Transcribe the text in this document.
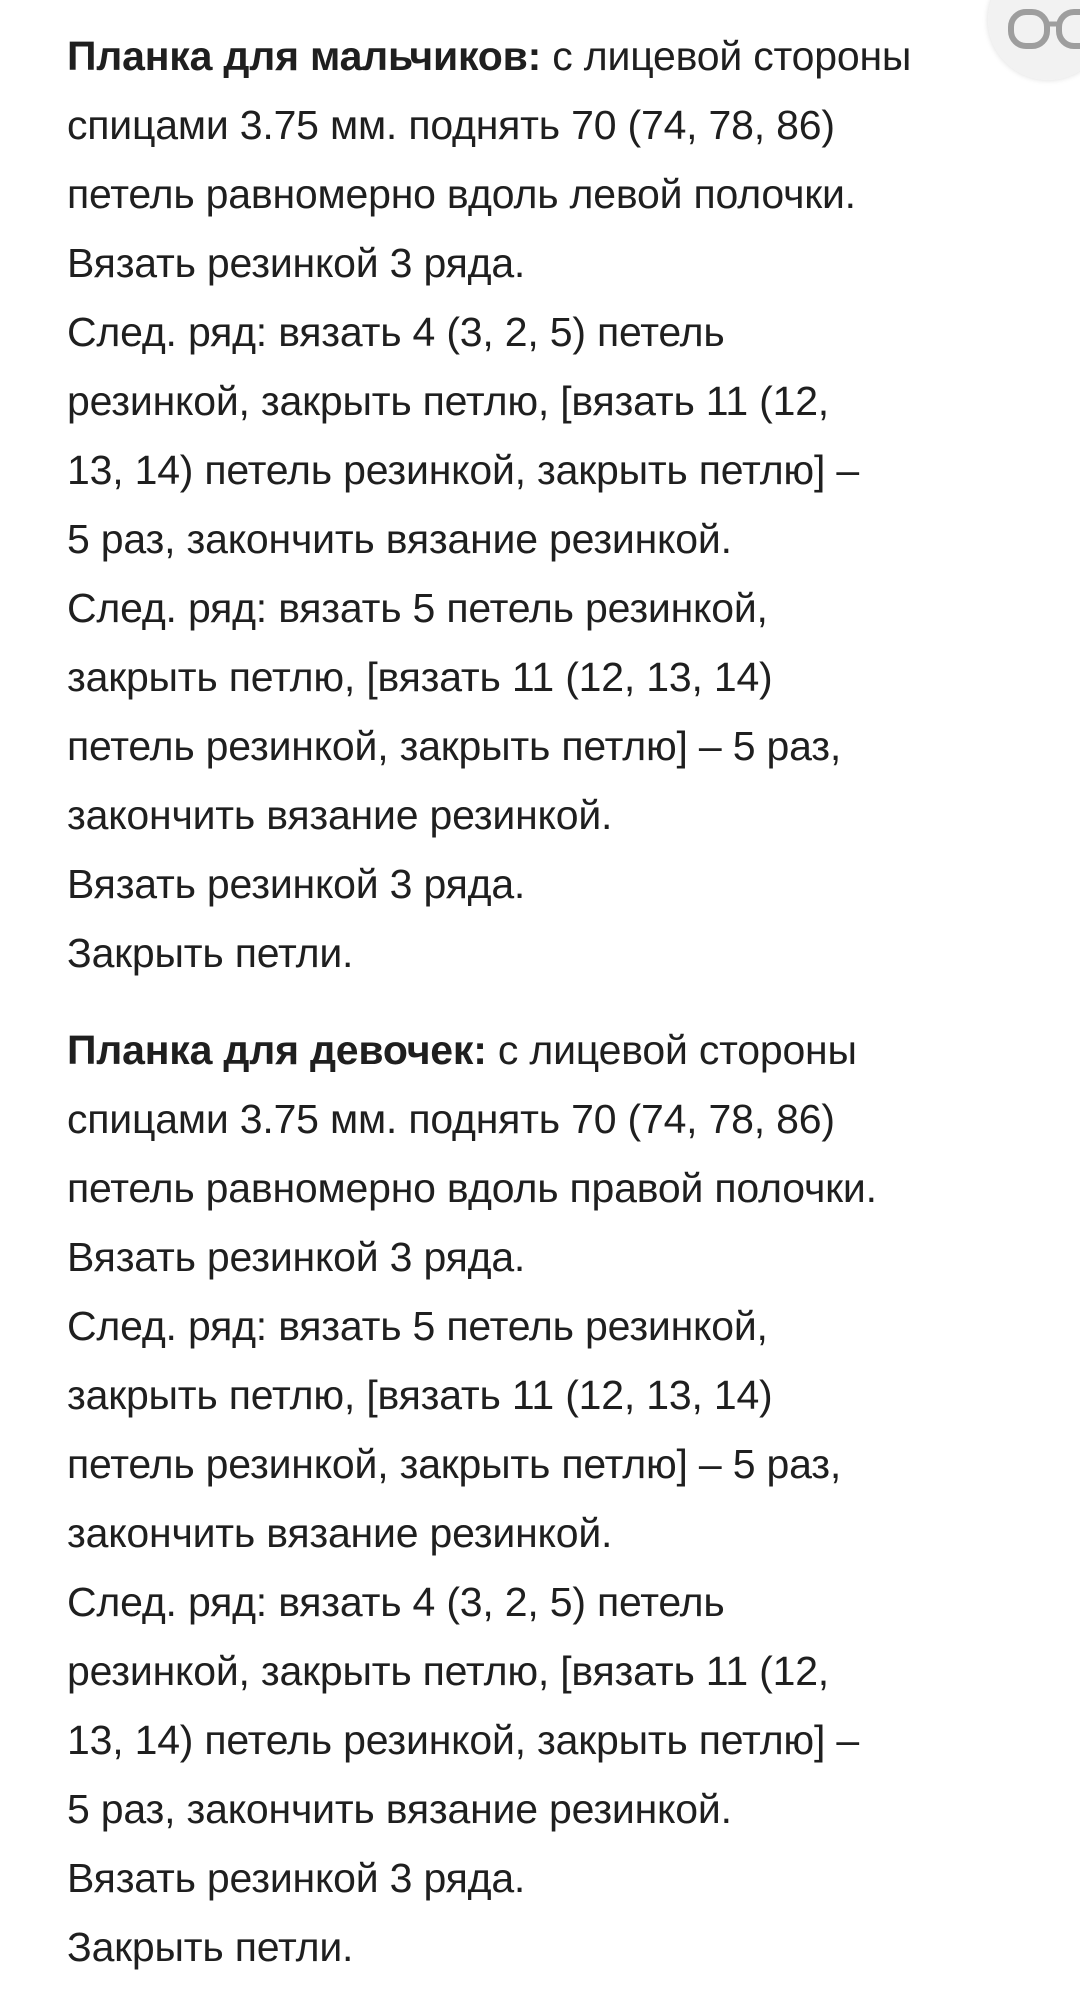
Планка для мальчиков: с лицевой стороны
спицами 3.75 мм. поднять 70 (74, 78, 86)
петель равномерно вдоль левой полочки.
Вязать резинкой 3 ряда.
След. ряд: вязать 4 (3, 2, 5) петель
резинкой, закрыть петлю, [вязать 11 (12,
13, 14) петель резинкой, закрыть петлю] –
5 раз, закончить вязание резинкой.
След. ряд: вязать 5 петель резинкой,
закрыть петлю, [вязать 11 (12, 13, 14)
петель резинкой, закрыть петлю] – 5 раз,
закончить вязание резинкой.
Вязать резинкой 3 ряда.
Закрыть петли.
Планка для девочек: с лицевой стороны
спицами 3.75 мм. поднять 70 (74, 78, 86)
петель равномерно вдоль правой полочки.
Вязать резинкой 3 ряда.
След. ряд: вязать 5 петель резинкой,
закрыть петлю, [вязать 11 (12, 13, 14)
петель резинкой, закрыть петлю] – 5 раз,
закончить вязание резинкой.
След. ряд: вязать 4 (3, 2, 5) петель
резинкой, закрыть петлю, [вязать 11 (12,
13, 14) петель резинкой, закрыть петлю] –
5 раз, закончить вязание резинкой.
Вязать резинкой 3 ряда.
Закрыть петли.
